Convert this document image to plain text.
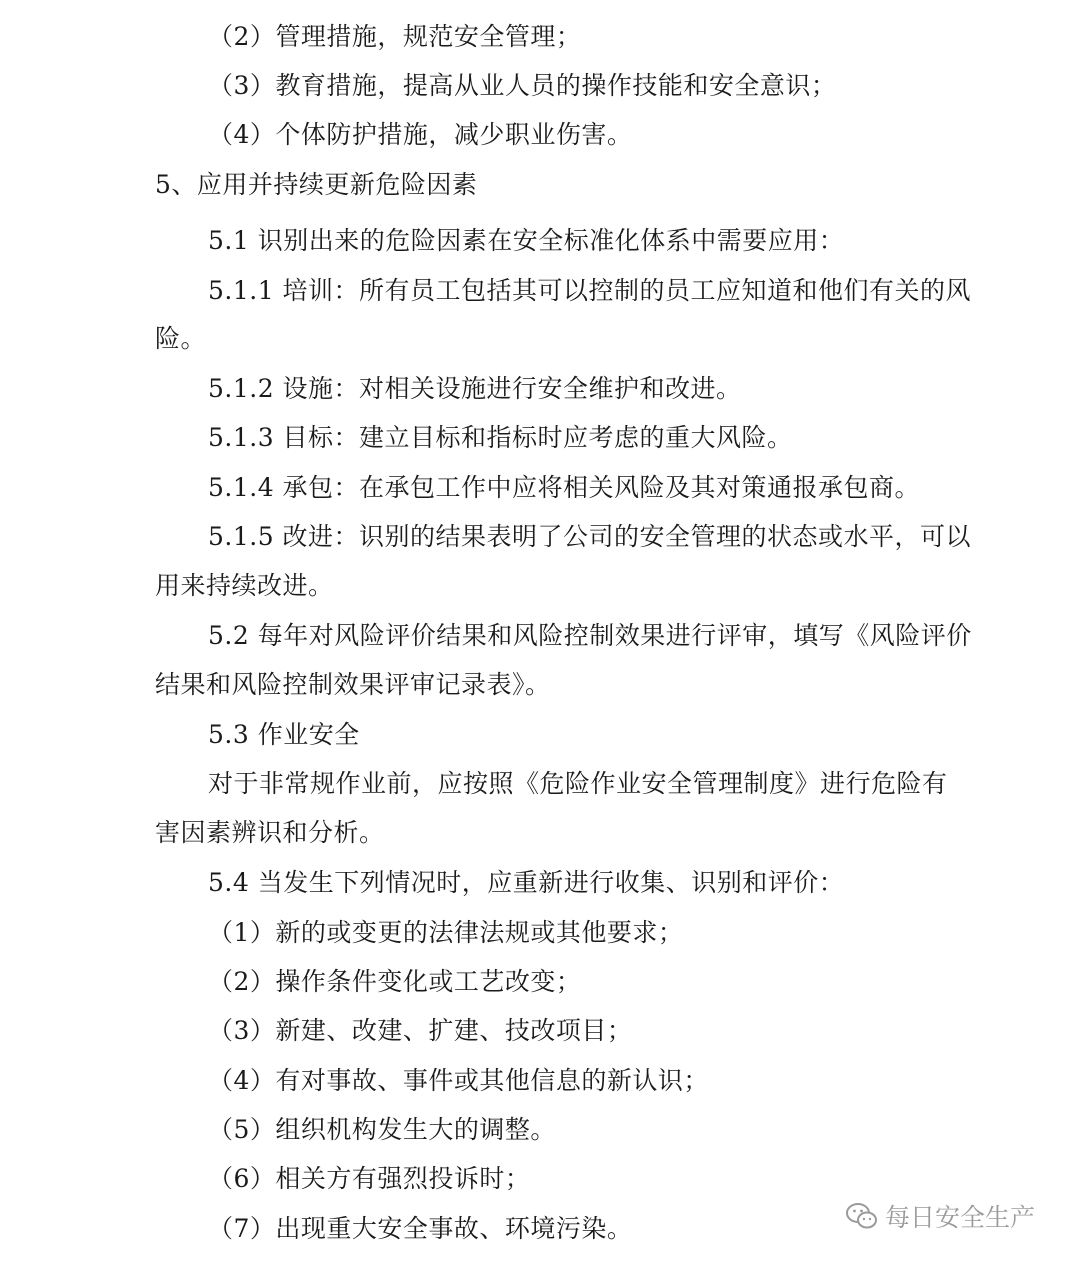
（2）管理措施，规范安全管理；
（3）教育措施，提高从业人员的操作技能和安全意识；
（4）个体防护措施，减少职业伤害。
5、应用并持续更新危险因素
5.1 识别出来的危险因素在安全标准化体系中需要应用：
5.1.1 培训：所有员工包括其可以控制的员工应知道和他们有关的风
险。
5.1.2 设施：对相关设施进行安全维护和改进。
5.1.3 目标：建立目标和指标时应考虑的重大风险。
5.1.4 承包：在承包工作中应将相关风险及其对策通报承包商。
5.1.5 改进：识别的结果表明了公司的安全管理的状态或水平，可以
用来持续改进。
5.2 每年对风险评价结果和风险控制效果进行评审，填写《风险评价
结果和风险控制效果评审记录表》。
5.3 作业安全
对于非常规作业前，应按照《危险作业安全管理制度》进行危险有
害因素辨识和分析。
5.4 当发生下列情况时，应重新进行收集、识别和评价：
（1）新的或变更的法律法规或其他要求；
（2）操作条件变化或工艺改变；
（3）新建、改建、扩建、技改项目；
（4）有对事故、事件或其他信息的新认识；
（5）组织机构发生大的调整。
（6）相关方有强烈投诉时；
（7）出现重大安全事故、环境污染。	每日安全生产
